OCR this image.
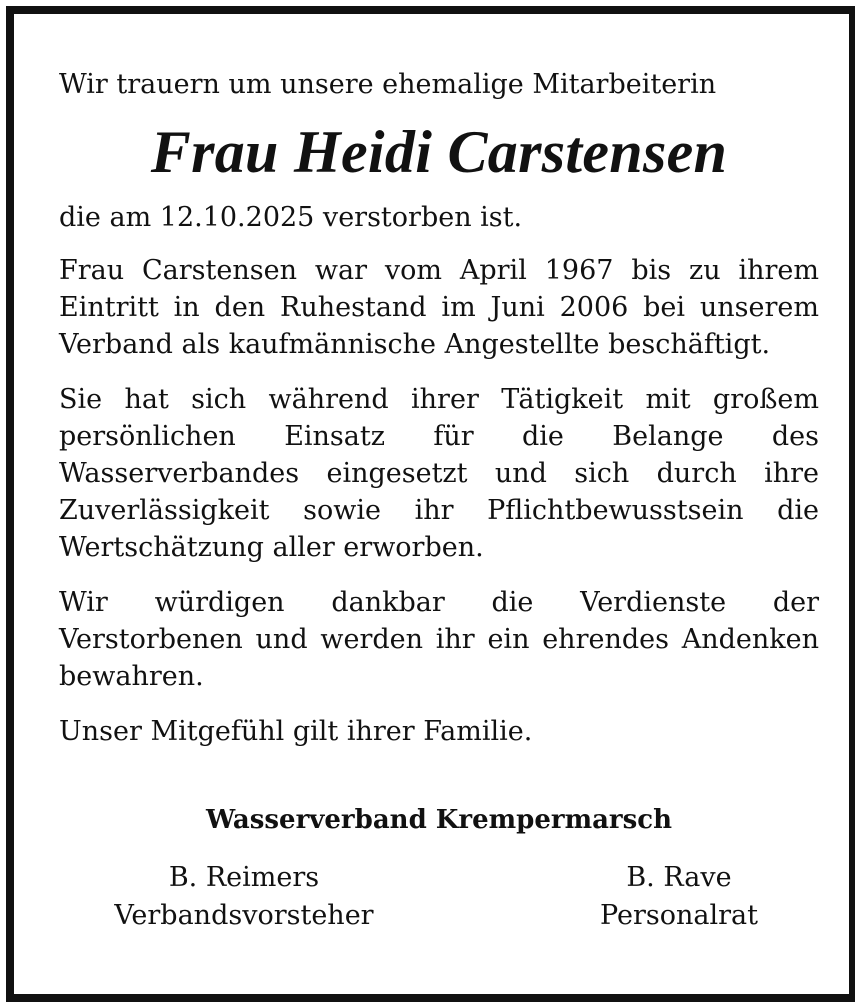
Wir trauern um unsere ehemalige Mitarbeiterin

Frau Heidi Carstensen

die am 12.10.2025 verstorben ist.

Frau Carstensen war vom April 1967 bis zu ihrem Eintritt in den Ruhestand im Juni 2006 bei unserem Verband als kaufmännische Angestellte beschäftigt.

Sie hat sich während ihrer Tätigkeit mit großem persönlichen Einsatz für die Belange des Wasserverbandes eingesetzt und sich durch ihre Zuverlässigkeit sowie ihr Pflichtbewusstsein die Wertschätzung aller erworben.

Wir würdigen dankbar die Verdienste der Verstorbenen und werden ihr ein ehrendes Andenken bewahren.

Unser Mitgefühl gilt ihrer Familie.

Wasserverband Krempermarsch
B. Reimers
Verbandsvorsteher
B. Rave
Personalrat
